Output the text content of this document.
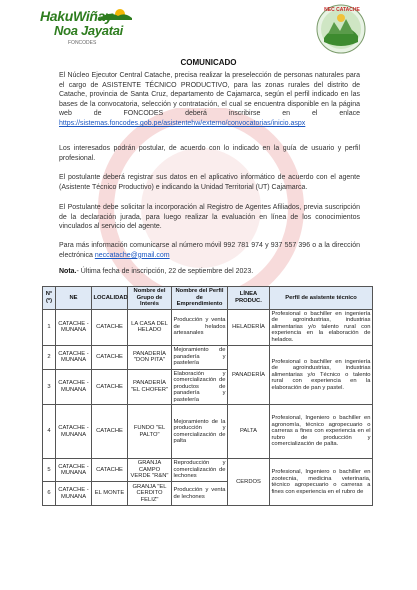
HakuWiñay
Noa Jayatai
FONCODES
NEC CATACHE
COMUNICADO

El Núcleo Ejecutor Central Catache, precisa realizar la preselección de personas naturales para el cargo de ASISTENTE TÉCNICO PRODUCTIVO, para las zonas rurales del distrito de Catache, provincia de Santa Cruz, departamento de Cajamarca, según el perfil indicado en las bases de la convocatoria, selección y contratación, el cual se encuentra disponible en la página web de FONCODES deberá inscribirse en el enlace https://sistemas.foncodes.gob.pe/asistentehw/externo/convocatorias/inicio.aspx

Los interesados podrán postular, de acuerdo con lo indicado en la guía de usuario y perfil profesional.

El postulante deberá registrar sus datos en el aplicativo informático de acuerdo con el agente (Asistente Técnico Productivo) e indicando la Unidad Territorial (UT) Cajamarca.

El Postulante debe solicitar la incorporación al Registro de Agentes Afiliados, previa suscripción de la declaración jurada, para luego realizar la evaluación en línea de los conocimientos vinculados al servicio del agente.

Para más información comunicarse al número móvil 992 781 974 y 937 557 396 o a la dirección electrónica neccatache@gmail.com

Nota.- Última fecha de inscripción, 22 de septiembre del 2023.
N° (*)	NE	LOCALIDAD	Nombre del Grupo de Interés	Nombre del Perfil de Emprendimiento	LÍNEA PRODUC.	Perfil de asistente técnico
1	CATACHE - MUNANA	CATACHE	LA CASA DEL HELADO	Producción y venta de helados artesanales	HELADERÍA	Profesional o bachiller en ingeniería de agroindustrias, industrias alimentarias y/o talento rural con experiencia en la elaboración de helados.
2	CATACHE - MUNANA	CATACHE	PANADERÍA "DON PITA"	Mejoramiento de panadería y pastelería	PANADERÍA	Profesional o bachiller en ingeniería de agroindustrias, industrias alimentarias y/o Técnico o talento rural con experiencia en la elaboración de pan y pastel.
3	CATACHE - MUNANA	CATACHE	PANADERÍA "EL CHOFER"	Elaboración y comercialización de productos de panadería y pastelería		
4	CATACHE - MUNANA	CATACHE	FUNDO "EL PALTO"	Mejoramiento de la producción y comercialización de palta	PALTA	Profesional, Ingeniero o bachiller en agronomía, técnico agropecuario o carreras a fines con experiencia en el rubro de producción y comercialización de palta.
5	CATACHE - MUNANA	CATACHE	GRANJA CAMPO VERDE "R&N"	Reproducción y comercialización de lechones	CERDOS	Profesional, Ingeniero o bachiller en zootecnia, medicina veterinaria, técnico agropecuario o carreras a fines con experiencia en el rubro de
6	CATACHE - MUNANA	EL MONTE	GRANJA "EL CERDITO FELIZ"	Producción y venta de lechones		
